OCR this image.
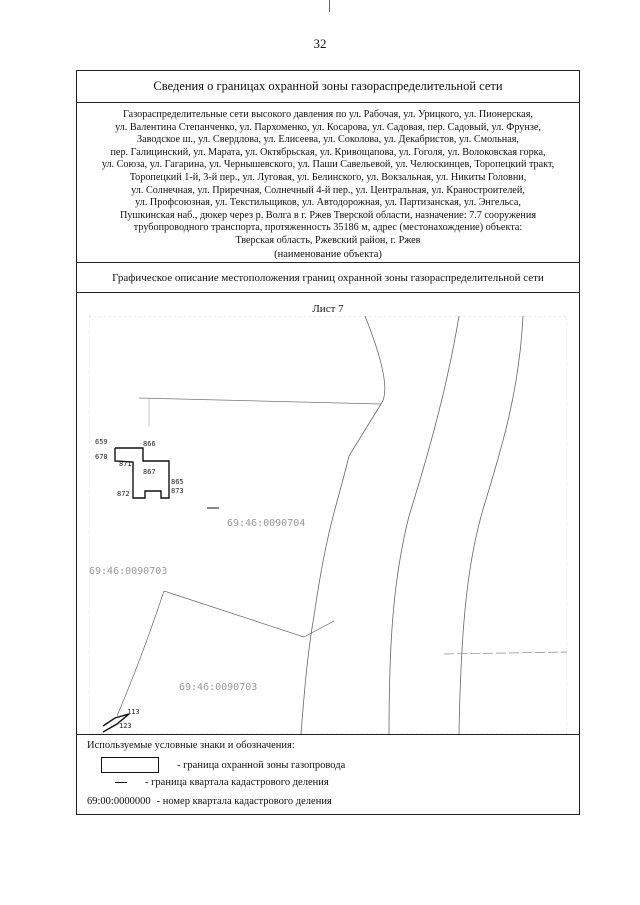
32
Сведения о границах охранной зоны газораспределительной сети
Газораспределительные сети высокого давления по ул. Рабочая, ул. Урицкого, ул. Пионерская,
ул. Валентина Степанченко, ул. Пархоменко, ул. Косарова, ул. Садовая, пер. Садовый, ул. Фрунзе,
Заводское ш., ул. Свердлова, ул. Елисеева, ул. Соколова, ул. Декабристов, ул. Смольная,
пер. Галицинский, ул. Марата, ул. Октябрьская, ул. Кривощапова, ул. Гоголя, ул. Волоковская горка,
ул. Союза, ул. Гагарина, ул. Чернышевского, ул. Паши Савельевой, ул. Челюскинцев, Торопецкий тракт,
Торопецкий 1-й, 3-й пер., ул. Луговая, ул. Белинского, ул. Вокзальная, ул. Никиты Головни,
ул. Солнечная, ул. Приречная, Солнечный 4-й пер., ул. Центральная, ул. Краностроителей,
ул. Профсоюзная, ул. Текстильщиков, ул. Автодорожная, ул. Партизанская, ул. Энгельса,
Пушкинская наб., дюкер через р. Волга в г. Ржев Тверской области, назначение: 7.7 сооружения
трубопроводного транспорта, протяженность 35186 м, адрес (местонахождение) объекта:
Тверская область, Ржевский район, г. Ржев
(наименование объекта)
Графическое описание местоположения границ охранной зоны газораспределительной сети
Лист 7
659	866
670
871
867
865
873
872
113
123
69:46:0090704
69:46:0090703
69:46:0090703
Используемые условные знаки и обозначения:
- граница охранной зоны газопровода
- граница квартала кадастрового деления
69:00:0000000 - номер квартала кадастрового деления
